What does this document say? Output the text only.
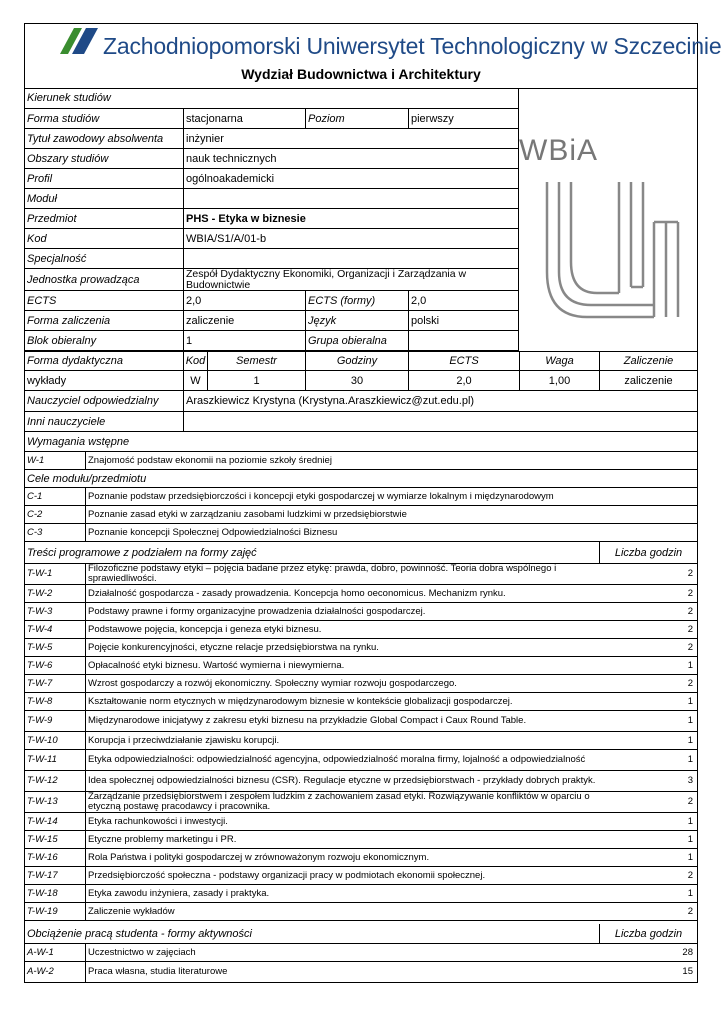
Zachodniopomorski Uniwersytet Technologiczny w Szczecinie
Wydział Budownictwa i Architektury
WBiA
Kierunek studiów
Forma studiów	stacjonarna	Poziom	pierwszy
Tytuł zawodowy absolwenta	inżynier
Obszary studiów	nauk technicznych
Profil	ogólnoakademicki
Moduł
Przedmiot	PHS - Etyka w biznesie
Kod	WBIA/S1/A/01-b
Specjalność
Jednostka prowadząca	Zespół Dydaktyczny Ekonomiki, Organizacji i Zarządzania w
Budownictwie
ECTS	2,0	ECTS (formy)	2,0
Forma zaliczenia	zaliczenie	Język	polski
Blok obieralny	1	Grupa obieralna
Forma dydaktyczna	Kod	Semestr	Godziny	ECTS	Waga	Zaliczenie
wykłady	W	1	30	2,0	1,00	zaliczenie
Nauczyciel odpowiedzialny	Araszkiewicz Krystyna (Krystyna.Araszkiewicz@zut.edu.pl)
Inni nauczyciele
Wymagania wstępne
W-1	Znajomość podstaw ekonomii na poziomie szkoły średniej
Cele modułu/przedmiotu
C-1	Poznanie podstaw przedsiębiorczości i koncepcji etyki gospodarczej w wymiarze lokalnym i międzynarodowym
C-2	Poznanie zasad etyki w zarządzaniu zasobami ludzkimi w przedsiębiorstwie
C-3	Poznanie koncepcji Społecznej Odpowiedzialności Biznesu
Treści programowe z podziałem na formy zajęć	Liczba godzin
T-W-1	Filozoficzne podstawy etyki – pojęcia badane przez etykę: prawda, dobro, powinność. Teoria dobra wspólnego i sprawiedliwości.	2
T-W-2	Działalność gospodarcza - zasady prowadzenia. Koncepcja homo oeconomicus. Mechanizm rynku.	2
T-W-3	Podstawy prawne i formy organizacyjne prowadzenia działalności gospodarczej.	2
T-W-4	Podstawowe pojęcia, koncepcja i geneza etyki biznesu.	2
T-W-5	Pojęcie konkurencyjności, etyczne relacje przedsiębiorstwa na rynku.	2
T-W-6	Opłacalność etyki biznesu. Wartość wymierna i niewymierna.	1
T-W-7	Wzrost gospodarczy a rozwój ekonomiczny. Społeczny wymiar rozwoju gospodarczego.	2
T-W-8	Kształtowanie norm etycznych w międzynarodowym biznesie w kontekście globalizacji gospodarczej.	1
T-W-9	Międzynarodowe inicjatywy z zakresu etyki biznesu na przykładzie Global Compact i Caux Round Table.	1
T-W-10	Korupcja i przeciwdziałanie zjawisku korupcji.	1
T-W-11	Etyka odpowiedzialności: odpowiedzialność agencyjna, odpowiedzialność moralna firmy, lojalność a odpowiedzialność	1
T-W-12	Idea społecznej odpowiedzialności biznesu (CSR). Regulacje etyczne w przedsiębiorstwach - przykłady dobrych praktyk.	3
T-W-13	Zarządzanie przedsiębiorstwem i zespołem ludzkim z zachowaniem zasad etyki. Rozwiązywanie konfliktów w oparciu o etyczną postawę pracodawcy i pracownika.	2
T-W-14	Etyka rachunkowości i inwestycji.	1
T-W-15	Etyczne problemy marketingu i PR.	1
T-W-16	Rola Państwa i polityki gospodarczej w zrównoważonym rozwoju ekonomicznym.	1
T-W-17	Przedsiębiorczość społeczna - podstawy organizacji pracy w podmiotach ekonomii społecznej.	2
T-W-18	Etyka zawodu inżyniera, zasady i praktyka.	1
T-W-19	Zaliczenie wykładów	2
Obciążenie pracą studenta - formy aktywności	Liczba godzin
A-W-1	Uczestnictwo w zajęciach	28
A-W-2	Praca własna, studia literaturowe	15
